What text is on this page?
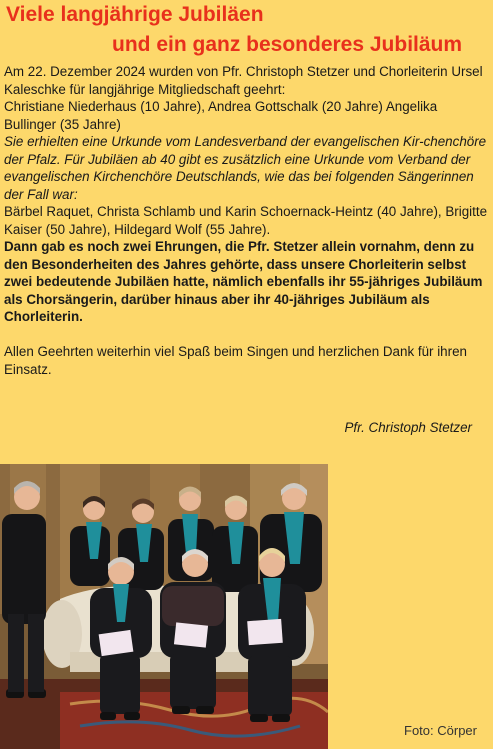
Viele langjährige Jubiläen
und ein ganz besonderes Jubiläum

Am 22. Dezember 2024 wurden von Pfr. Christoph Stetzer und Chorleiterin Ursel Kaleschke für langjährige Mitgliedschaft geehrt:

Christiane Niederhaus (10 Jahre), Andrea Gottschalk (20 Jahre) Angelika Bullinger (35 Jahre)

Sie erhielten eine Urkunde vom Landesverband der evangelischen Kir-chenchöre der Pfalz. Für Jubiläen ab 40 gibt es zusätzlich eine Urkunde vom Verband der evangelischen Kirchenchöre Deutschlands, wie das bei folgenden Sängerinnen der Fall war:

Bärbel Raquet, Christa Schlamb und Karin Schoernack-Heintz (40 Jahre), Brigitte Kaiser (50 Jahre), Hildegard Wolf (55 Jahre).

Dann gab es noch zwei Ehrungen, die Pfr. Stetzer allein vornahm, denn zu den Besonderheiten des Jahres gehörte, dass unsere Chorleiterin selbst zwei bedeutende Jubiläen hatte, nämlich ebenfalls ihr 55-jähriges Jubiläum als Chorsängerin, darüber hinaus aber ihr 40-jähriges Jubiläum als Chorleiterin.

Allen Geehrten weiterhin viel Spaß beim Singen und herzlichen Dank für ihren Einsatz.

Pfr. Christoph Stetzer
Foto: Cörper
